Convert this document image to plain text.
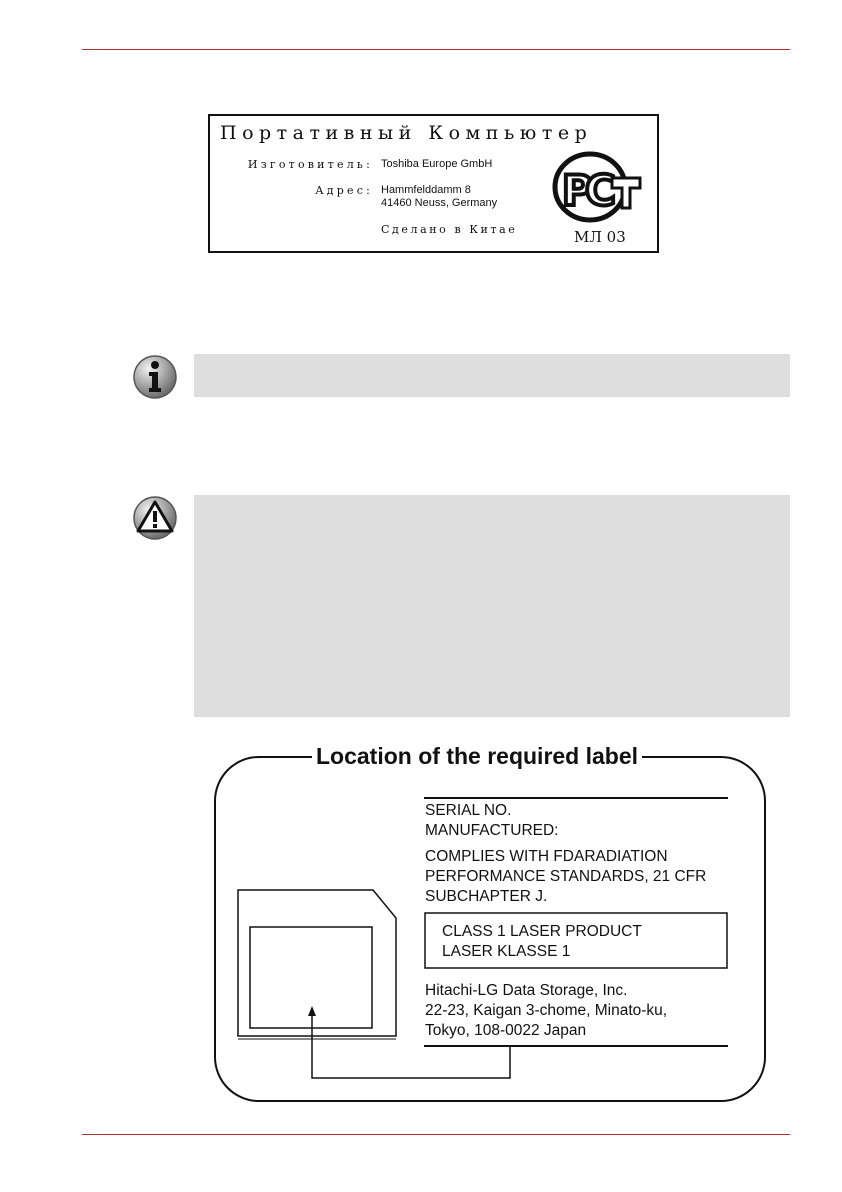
Портативный Компьютер
Изготовитель: Toshiba Europe GmbH
Адрес: Hammfelddamm 8
41460 Neuss, Germany
Сделано в Китае
P
C
МЛ 03
Location of the required label
SERIAL NO.
MANUFACTURED:
COMPLIES WITH FDARADIATION
PERFORMANCE STANDARDS, 21 CFR
SUBCHAPTER J.
CLASS 1 LASER PRODUCT
LASER KLASSE 1
Hitachi-LG Data Storage, Inc.
22-23, Kaigan 3-chome, Minato-ku,
Tokyo, 108-0022 Japan
